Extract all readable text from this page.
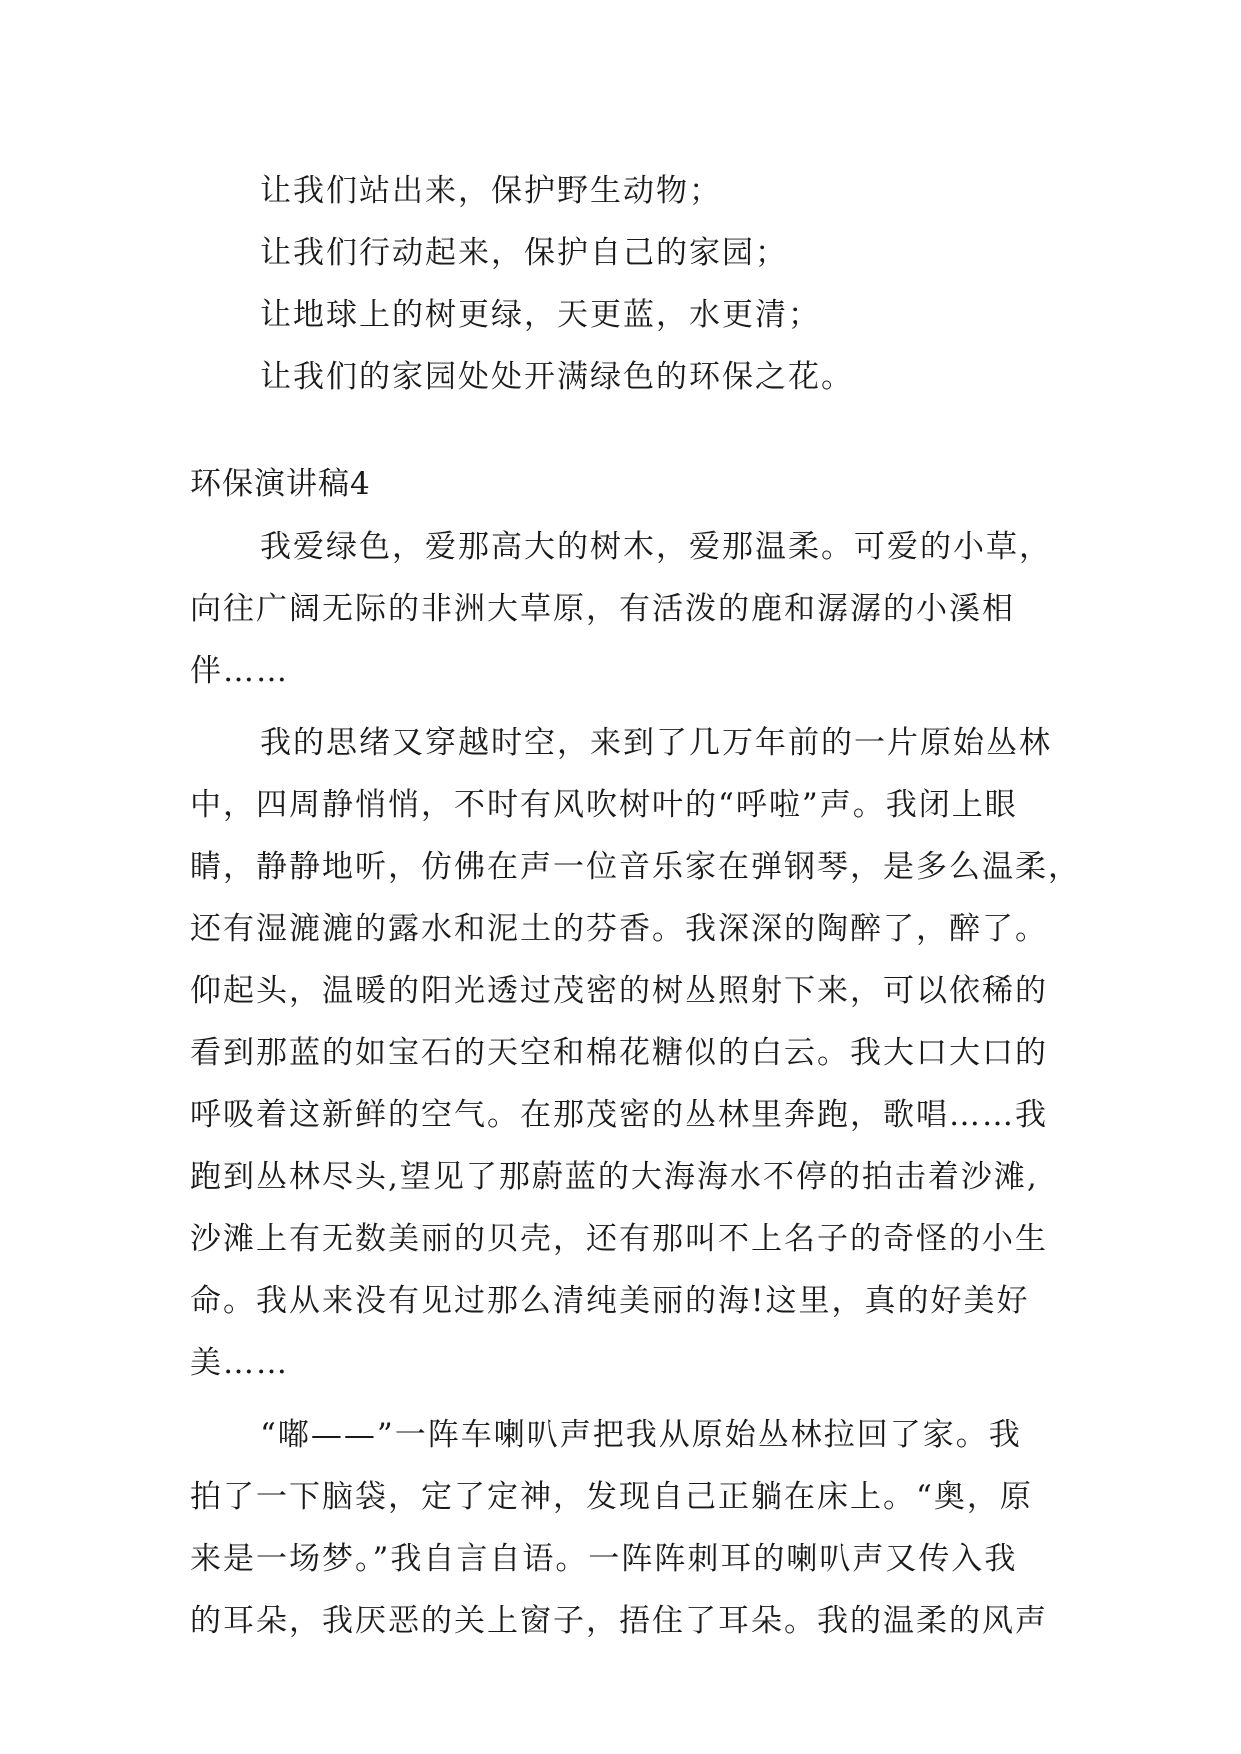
让我们站出来，保护野生动物；
让我们行动起来，保护自己的家园；
让地球上的树更绿，天更蓝，水更清；
让我们的家园处处开满绿色的环保之花。
环保演讲稿4
我爱绿色，爱那高大的树木，爱那温柔。可爱的小草，
向往广阔无际的非洲大草原，有活泼的鹿和潺潺的小溪相
伴……
我的思绪又穿越时空，来到了几万年前的一片原始丛林
中，四周静悄悄，不时有风吹树叶的“呼啦”声。我闭上眼
睛，静静地听，仿佛在声一位音乐家在弹钢琴，是多么温柔，
还有湿漉漉的露水和泥土的芬香。我深深的陶醉了，醉了。
仰起头，温暖的阳光透过茂密的树丛照射下来，可以依稀的
看到那蓝的如宝石的天空和棉花糖似的白云。我大口大口的
呼吸着这新鲜的空气。在那茂密的丛林里奔跑，歌唱……我
跑到丛林尽头,望见了那蔚蓝的大海海水不停的拍击着沙滩,
沙滩上有无数美丽的贝壳，还有那叫不上名子的奇怪的小生
命。我从来没有见过那么清纯美丽的海!这里，真的好美好
美……
“嘟——”一阵车喇叭声把我从原始丛林拉回了家。我
拍了一下脑袋，定了定神，发现自己正躺在床上。“奥，原
来是一场梦。”我自言自语。一阵阵刺耳的喇叭声又传入我
的耳朵，我厌恶的关上窗子，捂住了耳朵。我的温柔的风声
